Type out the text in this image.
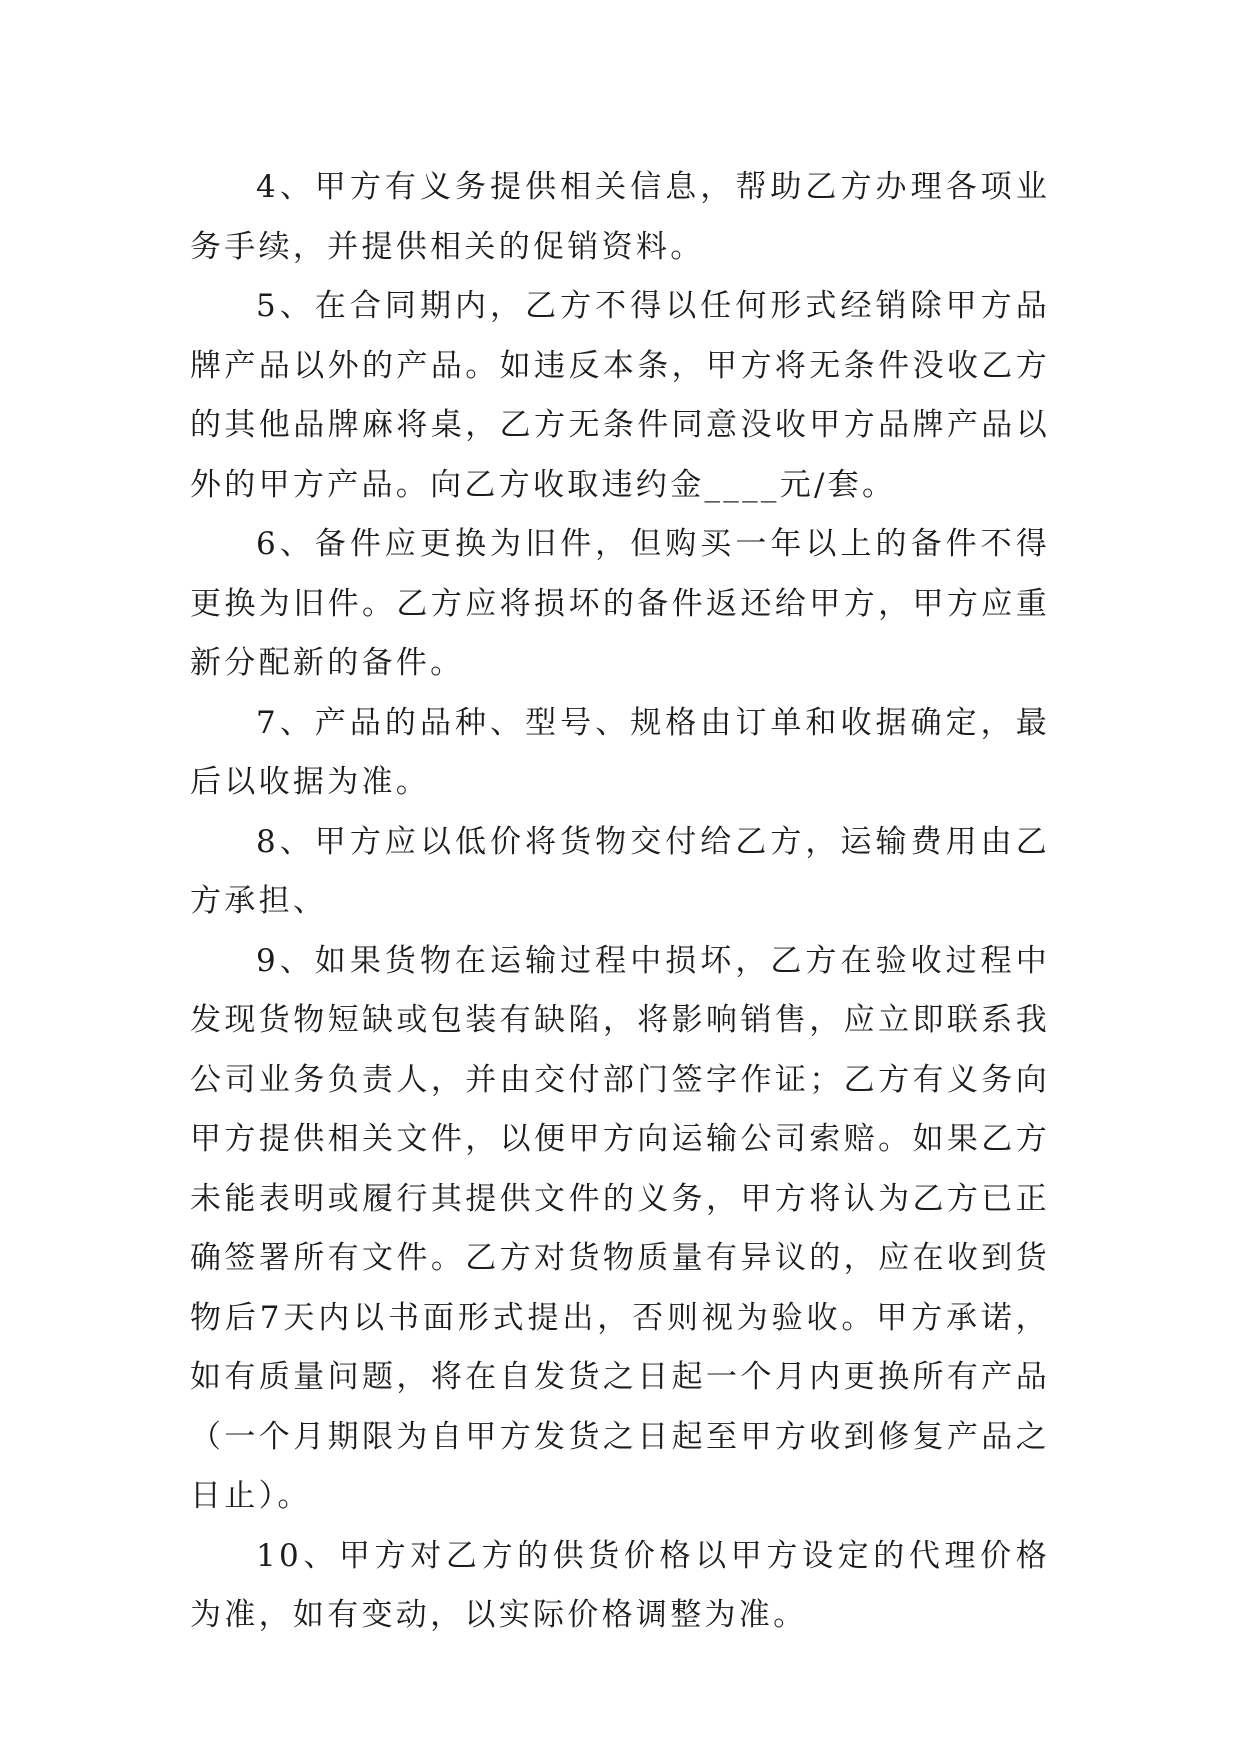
4、甲方有义务提供相关信息，帮助乙方办理各项业务手续，并提供相关的促销资料。

5、在合同期内，乙方不得以任何形式经销除甲方品牌产品以外的产品。如违反本条，甲方将无条件没收乙方的其他品牌麻将桌，乙方无条件同意没收甲方品牌产品以外的甲方产品。向乙方收取违约金____元/套。

6、备件应更换为旧件，但购买一年以上的备件不得更换为旧件。乙方应将损坏的备件返还给甲方，甲方应重新分配新的备件。

7、产品的品种、型号、规格由订单和收据确定，最后以收据为准。

8、甲方应以低价将货物交付给乙方，运输费用由乙方承担、

9、如果货物在运输过程中损坏，乙方在验收过程中发现货物短缺或包装有缺陷，将影响销售，应立即联系我公司业务负责人，并由交付部门签字作证；乙方有义务向甲方提供相关文件，以便甲方向运输公司索赔。如果乙方未能表明或履行其提供文件的义务，甲方将认为乙方已正确签署所有文件。乙方对货物质量有异议的，应在收到货物后7天内以书面形式提出，否则视为验收。甲方承诺，如有质量问题，将在自发货之日起一个月内更换所有产品（一个月期限为自甲方发货之日起至甲方收到修复产品之日止）。

10、甲方对乙方的供货价格以甲方设定的代理价格为准，如有变动，以实际价格调整为准。
